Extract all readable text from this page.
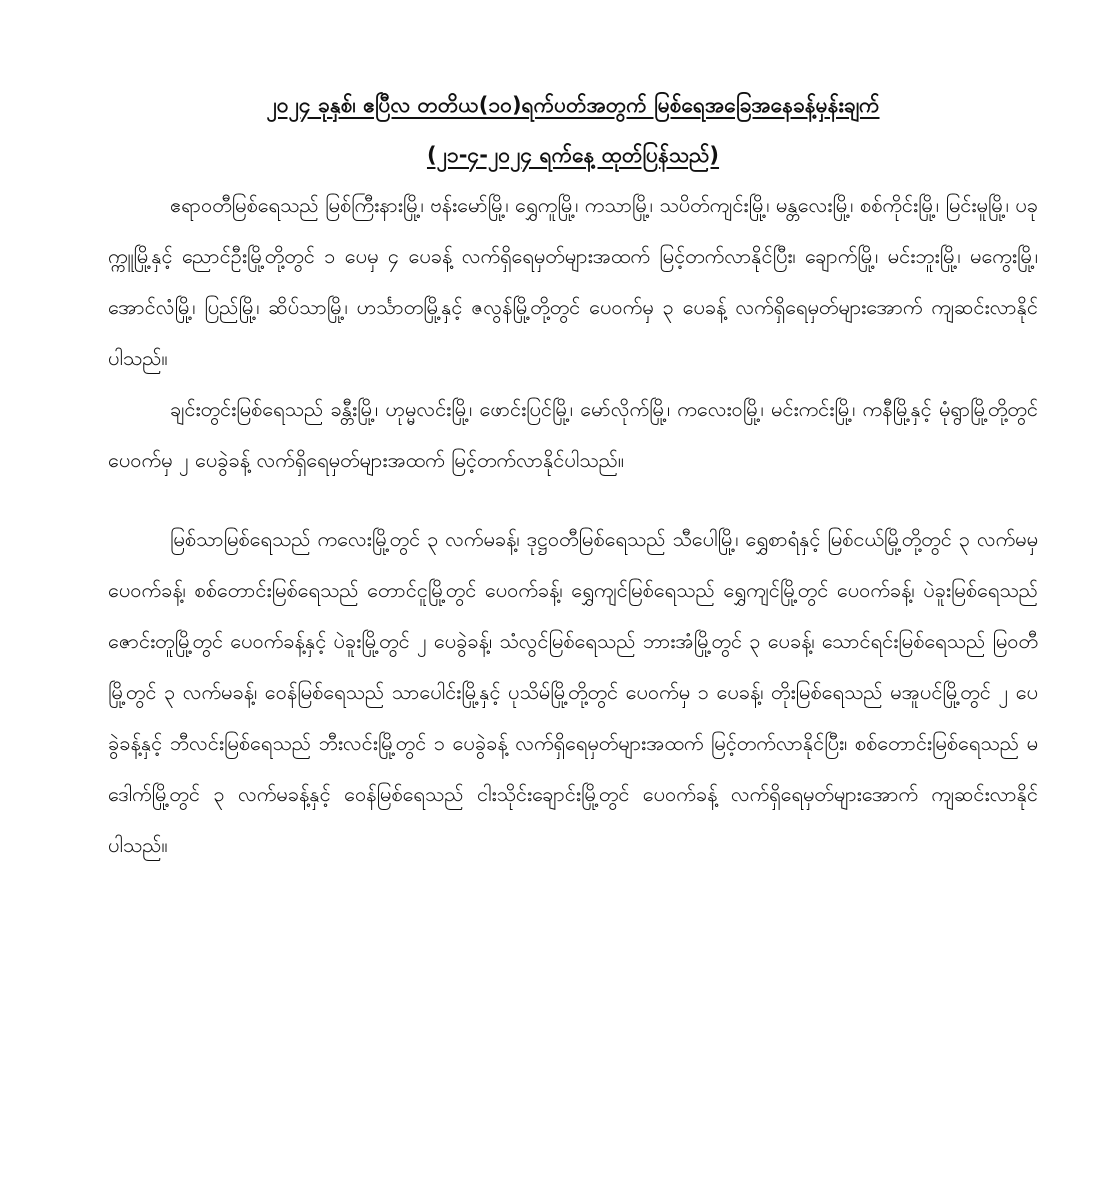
၂၀၂၄ ခုနှစ်၊ ဧပြီလ တတိယ(၁၀)ရက်ပတ်အတွက် မြစ်ရေအခြေအနေခန့်မှန်းချက်

(၂၁-၄-၂၀၂၄ ရက်နေ့ ထုတ်ပြန်သည်)

ဧရာဝတီမြစ်ရေသည် မြစ်ကြီးနားမြို့၊ ဗန်းမော်မြို့၊ ရွှေကူမြို့၊ ကသာမြို့၊ သပိတ်ကျင်းမြို့၊ မန္တလေးမြို့၊ စစ်ကိုင်းမြို့၊ မြင်းမူမြို့၊ ပခုက္ကူမြို့နှင့် ညောင်ဦးမြို့တို့တွင် ၁ ပေမှ ၄ ပေခန့် လက်ရှိရေမှတ်များအထက် မြင့်တက်လာနိုင်ပြီး၊ ချောက်မြို့၊ မင်းဘူးမြို့၊ မကွေးမြို့၊ အောင်လံမြို့၊ ပြည်မြို့၊ ဆိပ်သာမြို့၊ ဟင်္သာတမြို့နှင့် ဇလွန်မြို့တို့တွင် ပေဝက်မှ ၃ ပေခန့် လက်ရှိရေမှတ်များအောက် ကျဆင်းလာနိုင်ပါသည်။

ချင်းတွင်းမြစ်ရေသည် ခန္တီးမြို့၊ ဟုမ္မလင်းမြို့၊ ဖောင်းပြင်မြို့၊ မော်လိုက်မြို့၊ ကလေးဝမြို့၊ မင်းကင်းမြို့၊ ကနီမြို့နှင့် မုံရွာမြို့တို့တွင် ပေဝက်မှ ၂ ပေခွဲခန့် လက်ရှိရေမှတ်များအထက် မြင့်တက်လာနိုင်ပါသည်။

မြစ်သာမြစ်ရေသည် ကလေးမြို့တွင် ၃ လက်မခန့်၊ ဒုဋ္ဌဝတီမြစ်ရေသည် သီပေါမြို့၊ ရွှေစာရံနှင့် မြစ်ငယ်မြို့တို့တွင် ၃ လက်မမှ ပေဝက်ခန့်၊ စစ်တောင်းမြစ်ရေသည် တောင်ငူမြို့တွင် ပေဝက်ခန့်၊ ရွှေကျင်မြစ်ရေသည် ရွှေကျင်မြို့တွင် ပေဝက်ခန့်၊ ပဲခူးမြစ်ရေသည် ဇောင်းတူမြို့တွင် ပေဝက်ခန့်နှင့် ပဲခူးမြို့တွင် ၂ ပေခွဲခန့်၊ သံလွင်မြစ်ရေသည် ဘားအံမြို့တွင် ၃ ပေခန့်၊ သောင်ရင်းမြစ်ရေသည် မြဝတီမြို့တွင် ၃ လက်မခန့်၊ ဝေန်မြစ်ရေသည် သာပေါင်းမြို့နှင့် ပုသိမ်မြို့တို့တွင် ပေဝက်မှ ၁ ပေခန့်၊ တိုးမြစ်ရေသည် မအူပင်မြို့တွင် ၂ ပေခွဲခန့်နှင့် ဘီလင်းမြစ်ရေသည် ဘီးလင်းမြို့တွင် ၁ ပေခွဲခန့် လက်ရှိရေမှတ်များအထက် မြင့်တက်လာနိုင်ပြီး၊ စစ်တောင်းမြစ်ရေသည် မဒေါက်မြို့တွင် ၃ လက်မခန့်နှင့် ဝေန်မြစ်ရေသည် ငါးသိုင်းချောင်းမြို့တွင် ပေဝက်ခန့် လက်ရှိရေမှတ်များအောက် ကျဆင်းလာနိုင်ပါသည်။
